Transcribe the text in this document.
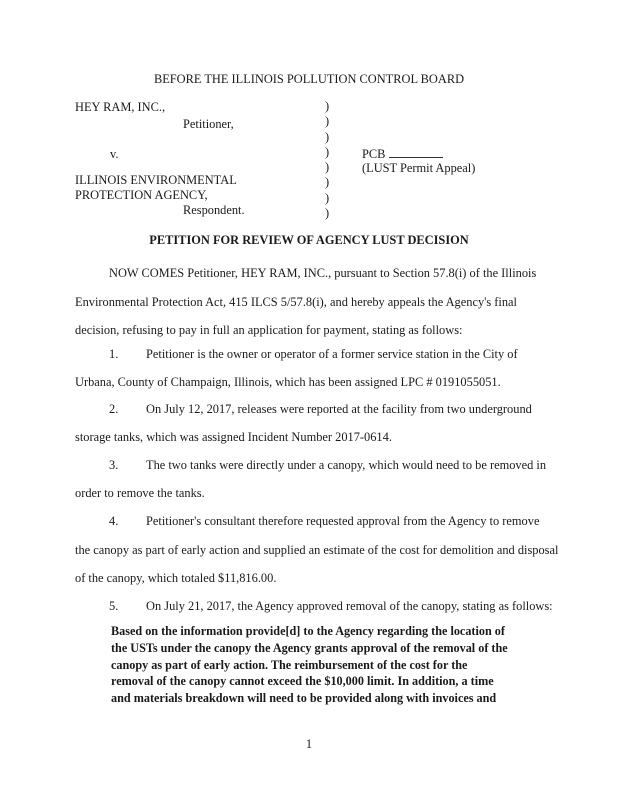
BEFORE THE ILLINOIS POLLUTION CONTROL BOARD
HEY RAM, INC.,
Petitioner,
v.
ILLINOIS ENVIRONMENTAL
PROTECTION AGENCY,
Respondent.
)
)
)
)
)
)
)
)
PCB
(LUST Permit Appeal)
PETITION FOR REVIEW OF AGENCY LUST DECISION
NOW COMES Petitioner, HEY RAM, INC., pursuant to Section 57.8(i) of the Illinois
Environmental Protection Act, 415 ILCS 5/57.8(i), and hereby appeals the Agency's final
decision, refusing to pay in full an application for payment, stating as follows:
1.	Petitioner is the owner or operator of a former service station in the City of
Urbana, County of Champaign, Illinois, which has been assigned LPC # 0191055051.
2.	On July 12, 2017, releases were reported at the facility from two underground
storage tanks, which was assigned Incident Number 2017-0614.
3.	The two tanks were directly under a canopy, which would need to be removed in
order to remove the tanks.
4.	Petitioner's consultant therefore requested approval from the Agency to remove
the canopy as part of early action and supplied an estimate of the cost for demolition and disposal
of the canopy, which totaled $11,816.00.
5.	On July 21, 2017, the Agency approved removal of the canopy, stating as follows:
Based on the information provide[d] to the Agency regarding the location of
the USTs under the canopy the Agency grants approval of the removal of the
canopy as part of early action. The reimbursement of the cost for the
removal of the canopy cannot exceed the $10,000 limit. In addition, a time
and materials breakdown will need to be provided along with invoices and
1
